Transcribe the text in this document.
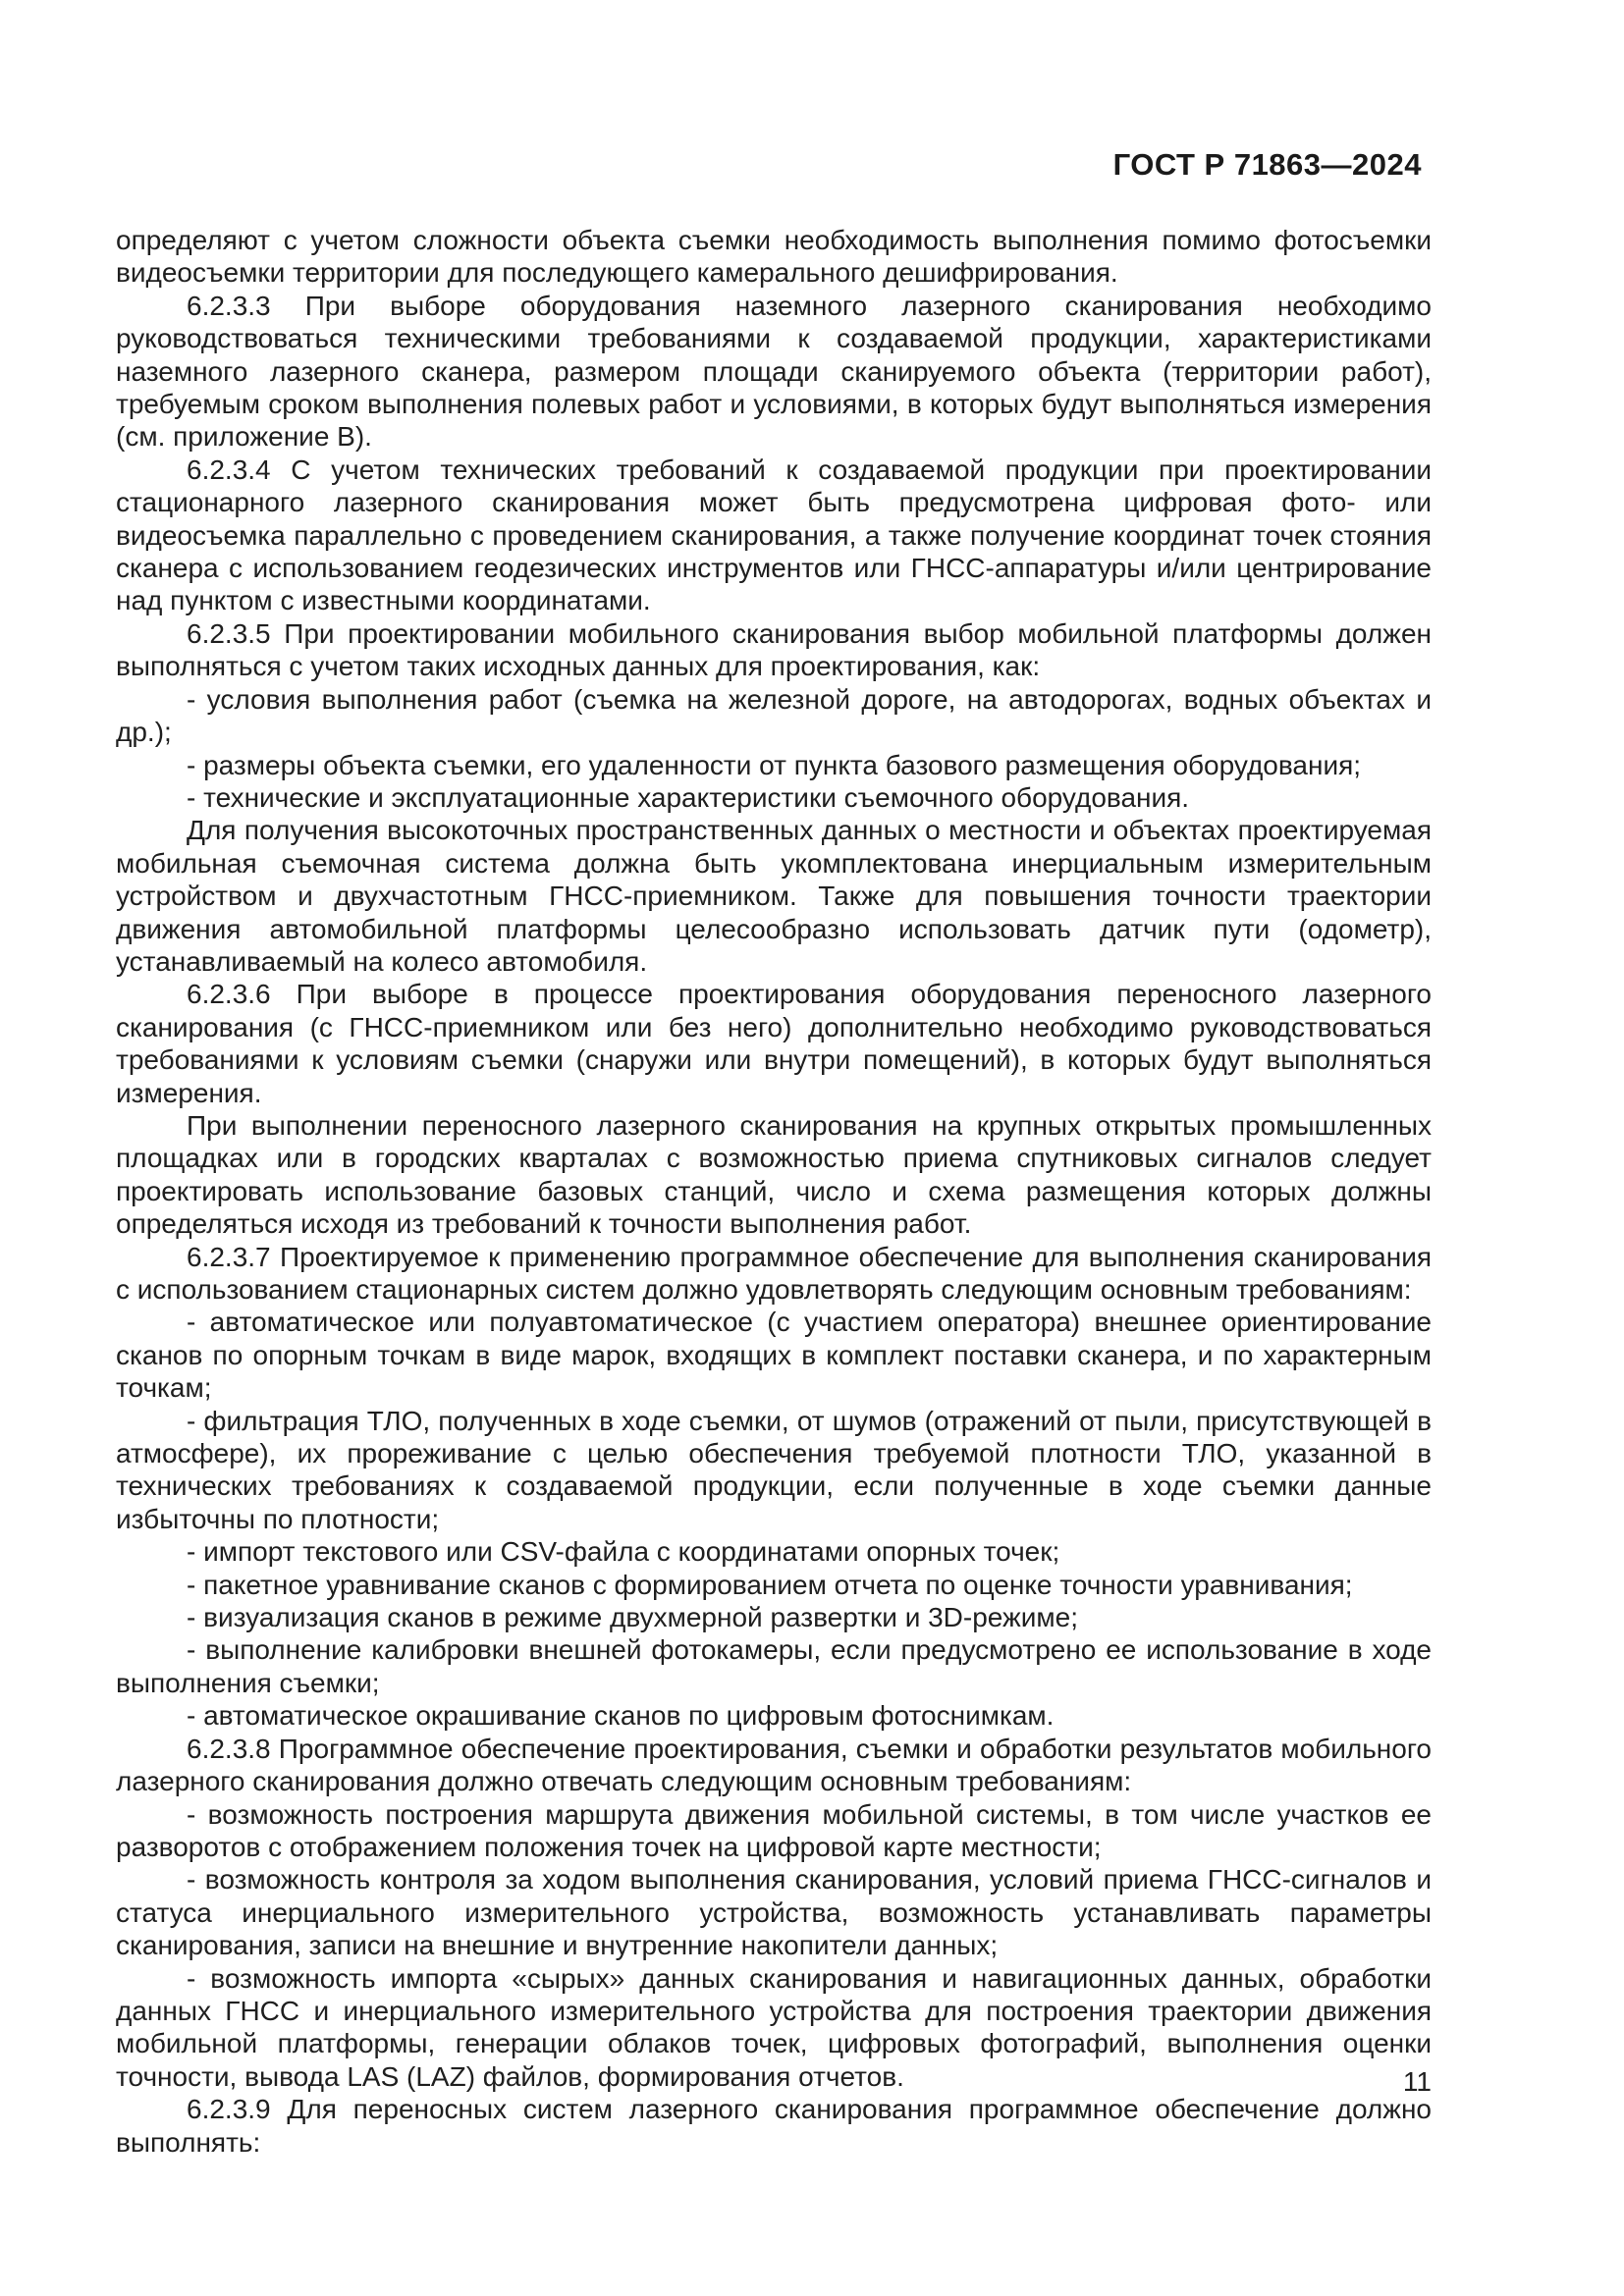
ГОСТ Р 71863—2024

определяют с учетом сложности объекта съемки необходимость выполнения помимо фотосъемки видеосъемки территории для последующего камерального дешифрирования.

6.2.3.3 При выборе оборудования наземного лазерного сканирования необходимо руководствоваться техническими требованиями к создаваемой продукции, характеристиками наземного лазерного сканера, размером площади сканируемого объекта (территории работ), требуемым сроком выполнения полевых работ и условиями, в которых будут выполняться измерения (см. приложение В).

6.2.3.4 С учетом технических требований к создаваемой продукции при проектировании стационарного лазерного сканирования может быть предусмотрена цифровая фото- или видеосъемка параллельно с проведением сканирования, а также получение координат точек стояния сканера с использованием геодезических инструментов или ГНСС-аппаратуры и/или центрирование над пунктом с известными координатами.

6.2.3.5 При проектировании мобильного сканирования выбор мобильной платформы должен выполняться с учетом таких исходных данных для проектирования, как:

- условия выполнения работ (съемка на железной дороге, на автодорогах, водных объектах и др.);

- размеры объекта съемки, его удаленности от пункта базового размещения оборудования;

- технические и эксплуатационные характеристики съемочного оборудования.

Для получения высокоточных пространственных данных о местности и объектах проектируемая мобильная съемочная система должна быть укомплектована инерциальным измерительным устройством и двухчастотным ГНСС-приемником. Также для повышения точности траектории движения автомобильной платформы целесообразно использовать датчик пути (одометр), устанавливаемый на колесо автомобиля.

6.2.3.6 При выборе в процессе проектирования оборудования переносного лазерного сканирования (с ГНСС-приемником или без него) дополнительно необходимо руководствоваться требованиями к условиям съемки (снаружи или внутри помещений), в которых будут выполняться измерения.

При выполнении переносного лазерного сканирования на крупных открытых промышленных площадках или в городских кварталах с возможностью приема спутниковых сигналов следует проектировать использование базовых станций, число и схема размещения которых должны определяться исходя из требований к точности выполнения работ.

6.2.3.7 Проектируемое к применению программное обеспечение для выполнения сканирования с использованием стационарных систем должно удовлетворять следующим основным требованиям:

- автоматическое или полуавтоматическое (с участием оператора) внешнее ориентирование сканов по опорным точкам в виде марок, входящих в комплект поставки сканера, и по характерным точкам;

- фильтрация ТЛО, полученных в ходе съемки, от шумов (отражений от пыли, присутствующей в атмосфере), их прореживание с целью обеспечения требуемой плотности ТЛО, указанной в технических требованиях к создаваемой продукции, если полученные в ходе съемки данные избыточны по плотности;

- импорт текстового или CSV-файла с координатами опорных точек;

- пакетное уравнивание сканов с формированием отчета по оценке точности уравнивания;

- визуализация сканов в режиме двухмерной развертки и 3D-режиме;

- выполнение калибровки внешней фотокамеры, если предусмотрено ее использование в ходе выполнения съемки;

- автоматическое окрашивание сканов по цифровым фотоснимкам.

6.2.3.8 Программное обеспечение проектирования, съемки и обработки результатов мобильного лазерного сканирования должно отвечать следующим основным требованиям:

- возможность построения маршрута движения мобильной системы, в том числе участков ее разворотов с отображением положения точек на цифровой карте местности;

- возможность контроля за ходом выполнения сканирования, условий приема ГНСС-сигналов и статуса инерциального измерительного устройства, возможность устанавливать параметры сканирования, записи на внешние и внутренние накопители данных;

- возможность импорта «сырых» данных сканирования и навигационных данных, обработки данных ГНСС и инерциального измерительного устройства для построения траектории движения мобильной платформы, генерации облаков точек, цифровых фотографий, выполнения оценки точности, вывода LAS (LAZ) файлов, формирования отчетов.

6.2.3.9 Для переносных систем лазерного сканирования программное обеспечение должно выполнять:

11
